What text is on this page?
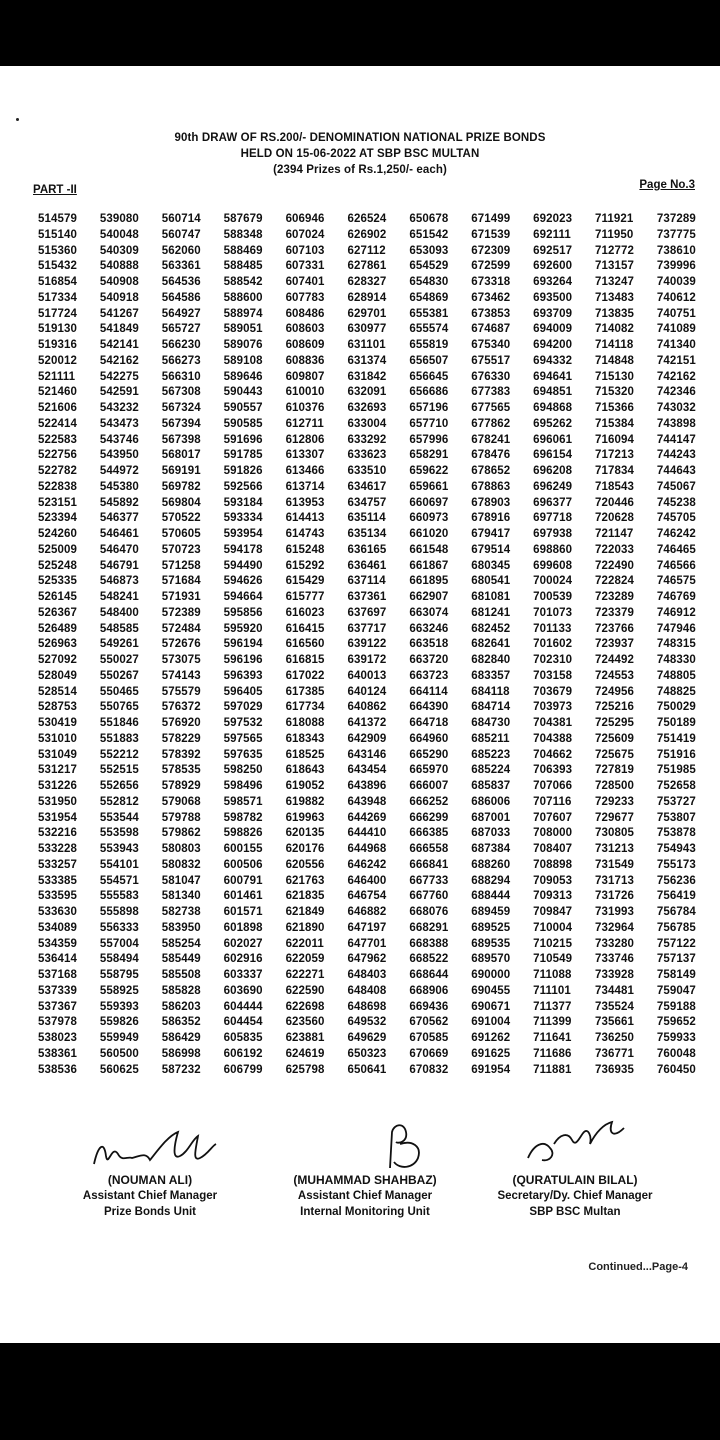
90th DRAW OF RS.200/- DENOMINATION NATIONAL PRIZE BONDS
HELD ON 15-06-2022 AT SBP BSC MULTAN
(2394 Prizes of Rs.1,250/- each)
PART -II	Page No.3
514579
515140
515360
515432
516854
517334
517724
519130
519316
520012
521111
521460
521606
522414
522583
522756
522782
522838
523151
523394
524260
525009
525248
525335
526145
526367
526489
526963
527092
528049
528514
528753
530419
531010
531049
531217
531226
531950
531954
532216
533228
533257
533385
533595
533630
534089
534359
536414
537168
537339
537367
537978
538023
538361
538536
539080
540048
540309
540888
540908
540918
541267
541849
542141
542162
542275
542591
543232
543473
543746
543950
544972
545380
545892
546377
546461
546470
546791
546873
548241
548400
548585
549261
550027
550267
550465
550765
551846
551883
552212
552515
552656
552812
553544
553598
553943
554101
554571
555583
555898
556333
557004
558494
558795
558925
559393
559826
559949
560500
560625
560714
560747
562060
563361
564536
564586
564927
565727
566230
566273
566310
567308
567324
567394
567398
568017
569191
569782
569804
570522
570605
570723
571258
571684
571931
572389
572484
572676
573075
574143
575579
576372
576920
578229
578392
578535
578929
579068
579788
579862
580803
580832
581047
581340
582738
583950
585254
585449
585508
585828
586203
586352
586429
586998
587232
587679
588348
588469
588485
588542
588600
588974
589051
589076
589108
589646
590443
590557
590585
591696
591785
591826
592566
593184
593334
593954
594178
594490
594626
594664
595856
595920
596194
596196
596393
596405
597029
597532
597565
597635
598250
598496
598571
598782
598826
600155
600506
600791
601461
601571
601898
602027
602916
603337
603690
604444
604454
605835
606192
606799
606946
607024
607103
607331
607401
607783
608486
608603
608609
608836
609807
610010
610376
612711
612806
613307
613466
613714
613953
614413
614743
615248
615292
615429
615777
616023
616415
616560
616815
617022
617385
617734
618088
618343
618525
618643
619052
619882
619963
620135
620176
620556
621763
621835
621849
621890
622011
622059
622271
622590
622698
623560
623881
624619
625798
626524
626902
627112
627861
628327
628914
629701
630977
631101
631374
631842
632091
632693
633004
633292
633623
633510
634617
634757
635114
635134
636165
636461
637114
637361
637697
637717
639122
639172
640013
640124
640862
641372
642909
643146
643454
643896
643948
644269
644410
644968
646242
646400
646754
646882
647197
647701
647962
648403
648408
648698
649532
649629
650323
650641
650678
651542
653093
654529
654830
654869
655381
655574
655819
656507
656645
656686
657196
657710
657996
658291
659622
659661
660697
660973
661020
661548
661867
661895
662907
663074
663246
663518
663720
663723
664114
664390
664718
664960
665290
665970
666007
666252
666299
666385
666558
666841
667733
667760
668076
668291
668388
668522
668644
668906
669436
670562
670585
670669
670832
671499
671539
672309
672599
673318
673462
673853
674687
675340
675517
676330
677383
677565
677862
678241
678476
678652
678863
678903
678916
679417
679514
680345
680541
681081
681241
682452
682641
682840
683357
684118
684714
684730
685211
685223
685224
685837
686006
687001
687033
687384
688260
688294
688444
689459
689525
689535
689570
690000
690455
690671
691004
691262
691625
691954
692023
692111
692517
692600
693264
693500
693709
694009
694200
694332
694641
694851
694868
695262
696061
696154
696208
696249
696377
697718
697938
698860
699608
700024
700539
701073
701133
701602
702310
703158
703679
703973
704381
704388
704662
706393
707066
707116
707607
708000
708407
708898
709053
709313
709847
710004
710215
710549
711088
711101
711377
711399
711641
711686
711881
711921
711950
712772
713157
713247
713483
713835
714082
714118
714848
715130
715320
715366
715384
716094
717213
717834
718543
720446
720628
721147
722033
722490
722824
723289
723379
723766
723937
724492
724553
724956
725216
725295
725609
725675
727819
728500
729233
729677
730805
731213
731549
731713
731726
731993
732964
733280
733746
733928
734481
735524
735661
736250
736771
736935
737289
737775
738610
739996
740039
740612
740751
741089
741340
742151
742162
742346
743032
743898
744147
744243
744643
745067
745238
745705
746242
746465
746566
746575
746769
746912
747946
748315
748330
748805
748825
750029
750189
751419
751916
751985
752658
753727
753807
753878
754943
755173
756236
756419
756784
756785
757122
757137
758149
759047
759188
759652
759933
760048
760450
(NOUMAN ALI)
Assistant Chief Manager
Prize Bonds Unit
(MUHAMMAD SHAHBAZ)
Assistant Chief Manager
Internal Monitoring Unit
(QURATULAIN BILAL)
Secretary/Dy. Chief Manager
SBP BSC Multan
Continued...Page-4
